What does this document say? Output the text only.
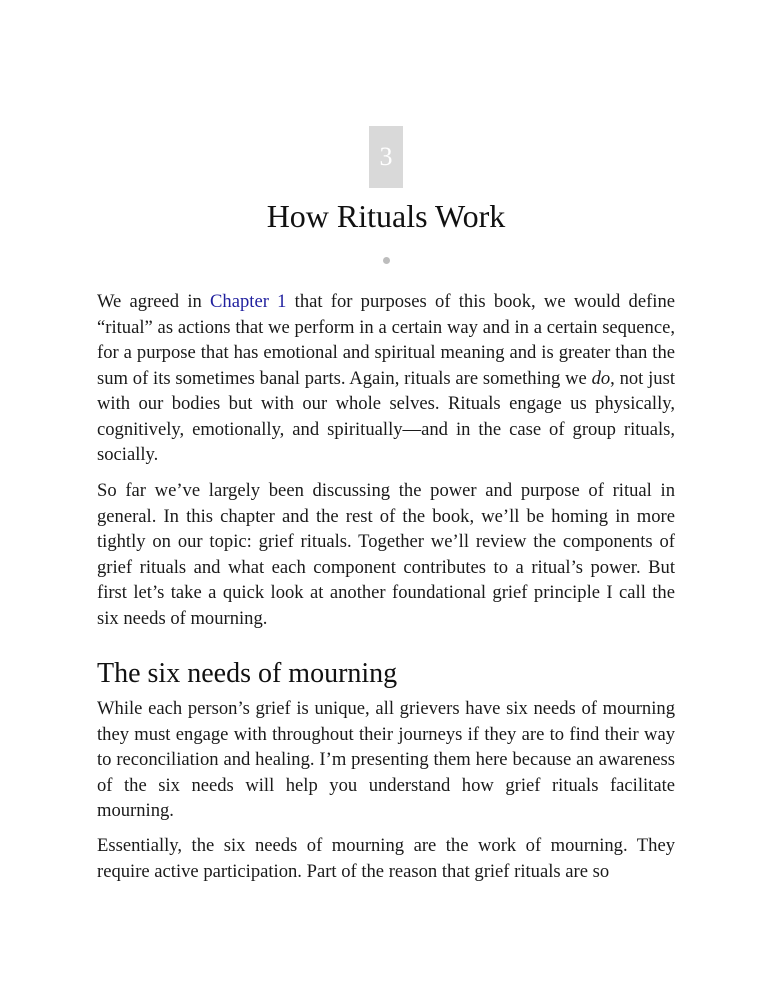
3
How Rituals Work

We agreed in Chapter 1 that for purposes of this book, we would define “ritual” as actions that we perform in a certain way and in a certain sequence, for a purpose that has emotional and spiritual meaning and is greater than the sum of its sometimes banal parts. Again, rituals are something we do, not just with our bodies but with our whole selves. Rituals engage us physically, cognitively, emotionally, and spiritually—and in the case of group rituals, socially.

So far we’ve largely been discussing the power and purpose of ritual in general. In this chapter and the rest of the book, we’ll be homing in more tightly on our topic: grief rituals. Together we’ll review the components of grief rituals and what each component contributes to a ritual’s power. But first let’s take a quick look at another foundational grief principle I call the six needs of mourning.

The six needs of mourning

While each person’s grief is unique, all grievers have six needs of mourning they must engage with throughout their journeys if they are to find their way to reconciliation and healing. I’m presenting them here because an awareness of the six needs will help you understand how grief rituals facilitate mourning.

Essentially, the six needs of mourning are the work of mourning. They require active participation. Part of the reason that grief rituals are so
